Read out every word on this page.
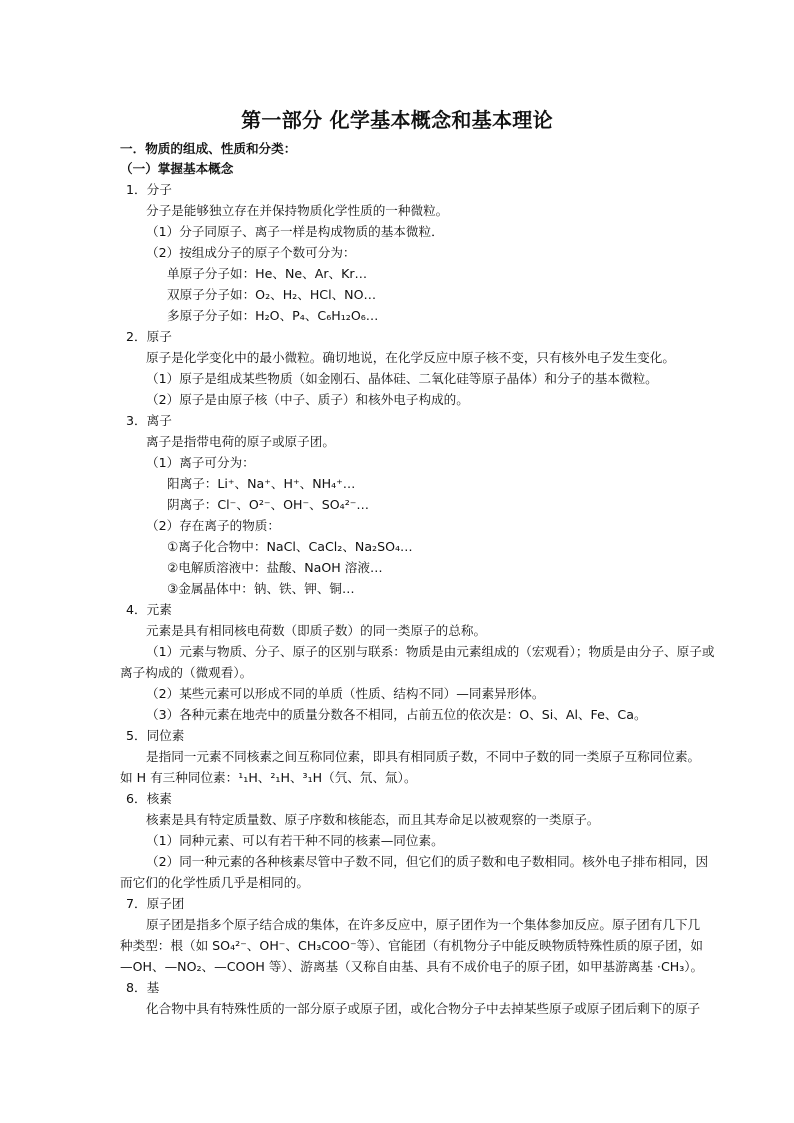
第一部分 化学基本概念和基本理论
一．物质的组成、性质和分类：
（一）掌握基本概念
1．分子
分子是能够独立存在并保持物质化学性质的一种微粒。
（1）分子同原子、离子一样是构成物质的基本微粒．
（2）按组成分子的原子个数可分为：
单原子分子如：He、Ne、Ar、Kr…
双原子分子如：O₂、H₂、HCl、NO…
多原子分子如：H₂O、P₄、C₆H₁₂O₆…
2．原子
原子是化学变化中的最小微粒。确切地说，在化学反应中原子核不变，只有核外电子发生变化。
（1）原子是组成某些物质（如金刚石、晶体硅、二氧化硅等原子晶体）和分子的基本微粒。
（2）原子是由原子核（中子、质子）和核外电子构成的。
3．离子
离子是指带电荷的原子或原子团。
（1）离子可分为：
阳离子：Li⁺、Na⁺、H⁺、NH₄⁺…
阴离子：Cl⁻、O²⁻、OH⁻、SO₄²⁻…
（2）存在离子的物质：
①离子化合物中：NaCl、CaCl₂、Na₂SO₄…
②电解质溶液中：盐酸、NaOH 溶液…
③金属晶体中：钠、铁、钾、铜…
4．元素
元素是具有相同核电荷数（即质子数）的同一类原子的总称。
（1）元素与物质、分子、原子的区别与联系：物质是由元素组成的（宏观看）；物质是由分子、原子或
离子构成的（微观看）。
（2）某些元素可以形成不同的单质（性质、结构不同）—同素异形体。
（3）各种元素在地壳中的质量分数各不相同，占前五位的依次是：O、Si、Al、Fe、Ca。
5．同位素
是指同一元素不同核素之间互称同位素，即具有相同质子数，不同中子数的同一类原子互称同位素。
如 H 有三种同位素：¹₁H、²₁H、³₁H（氕、氘、氚）。
6．核素
核素是具有特定质量数、原子序数和核能态，而且其寿命足以被观察的一类原子。
（1）同种元素、可以有若干种不同的核素—同位素。
（2）同一种元素的各种核素尽管中子数不同，但它们的质子数和电子数相同。核外电子排布相同，因
而它们的化学性质几乎是相同的。
7．原子团
原子团是指多个原子结合成的集体，在许多反应中，原子团作为一个集体参加反应。原子团有几下几
种类型：根（如 SO₄²⁻、OH⁻、CH₃COO⁻等）、官能团（有机物分子中能反映物质特殊性质的原子团，如
—OH、—NO₂、—COOH 等）、游离基（又称自由基、具有不成价电子的原子团，如甲基游离基 ·CH₃）。
8．基
化合物中具有特殊性质的一部分原子或原子团，或化合物分子中去掉某些原子或原子团后剩下的原子
